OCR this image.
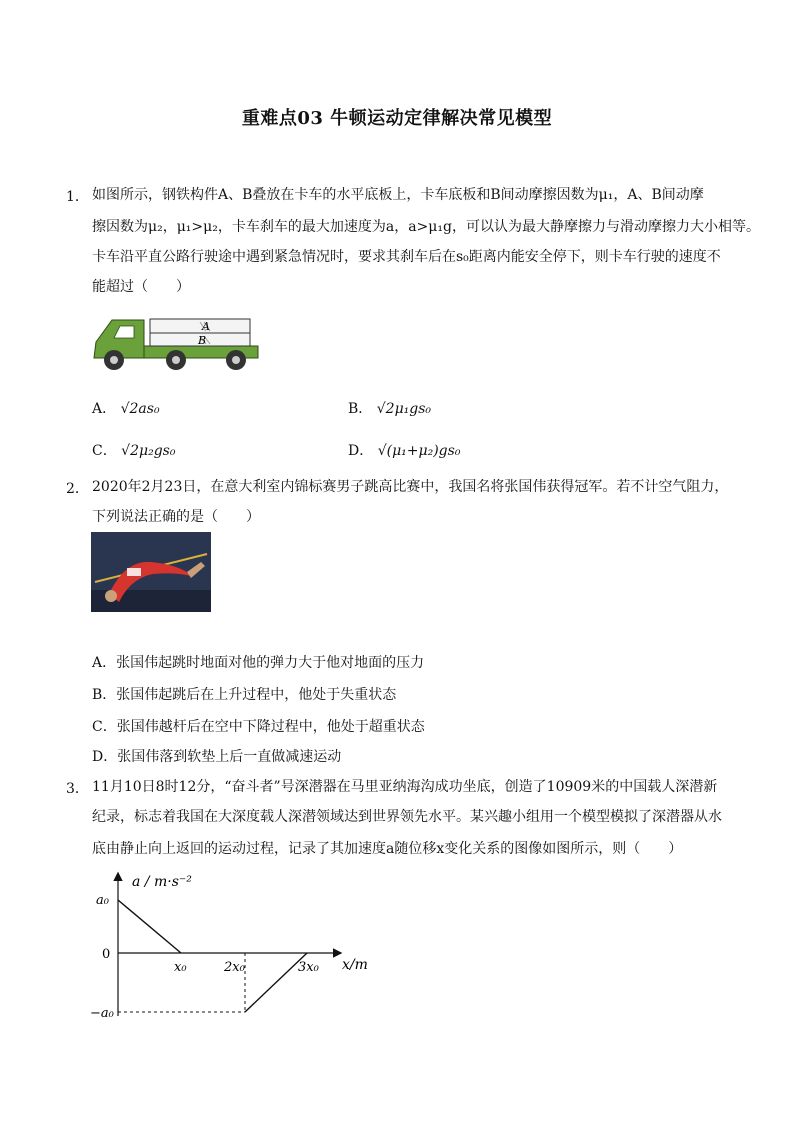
重难点03 牛顿运动定律解决常见模型
1． 如图所示，钢铁构件A、B叠放在卡车的水平底板上，卡车底板和B间动摩擦因数为μ₁，A、B间动摩
擦因数为μ₂，μ₁>μ₂，卡车刹车的最大加速度为a，a>μ₁g，可以认为最大静摩擦力与滑动摩擦力大小相等。
卡车沿平直公路行驶途中遇到紧急情况时，要求其刹车后在s₀距离内能安全停下，则卡车行驶的速度不
能超过（　　）
A
B
A． √2as₀	B． √2μ₁gs₀
C． √2μ₂gs₀	D． √(μ₁+μ₂)gs₀
2． 2020年2月23日，在意大利室内锦标赛男子跳高比赛中，我国名将张国伟获得冠军。若不计空气阻力，
下列说法正确的是（　　）
A．张国伟起跳时地面对他的弹力大于他对地面的压力
B．张国伟起跳后在上升过程中，他处于失重状态
C．张国伟越杆后在空中下降过程中，他处于超重状态
D．张国伟落到软垫上后一直做减速运动
3． 11月10日8时12分，“奋斗者”号深潜器在马里亚纳海沟成功坐底，创造了10909米的中国载人深潜新
纪录，标志着我国在大深度载人深潜领域达到世界领先水平。某兴趣小组用一个模型模拟了深潜器从水
底由静止向上返回的运动过程，记录了其加速度a随位移x变化关系的图像如图所示，则（　　）
a / m·s⁻²
x/m
a₀
0
−a₀
x₀	2x₀	3x₀
